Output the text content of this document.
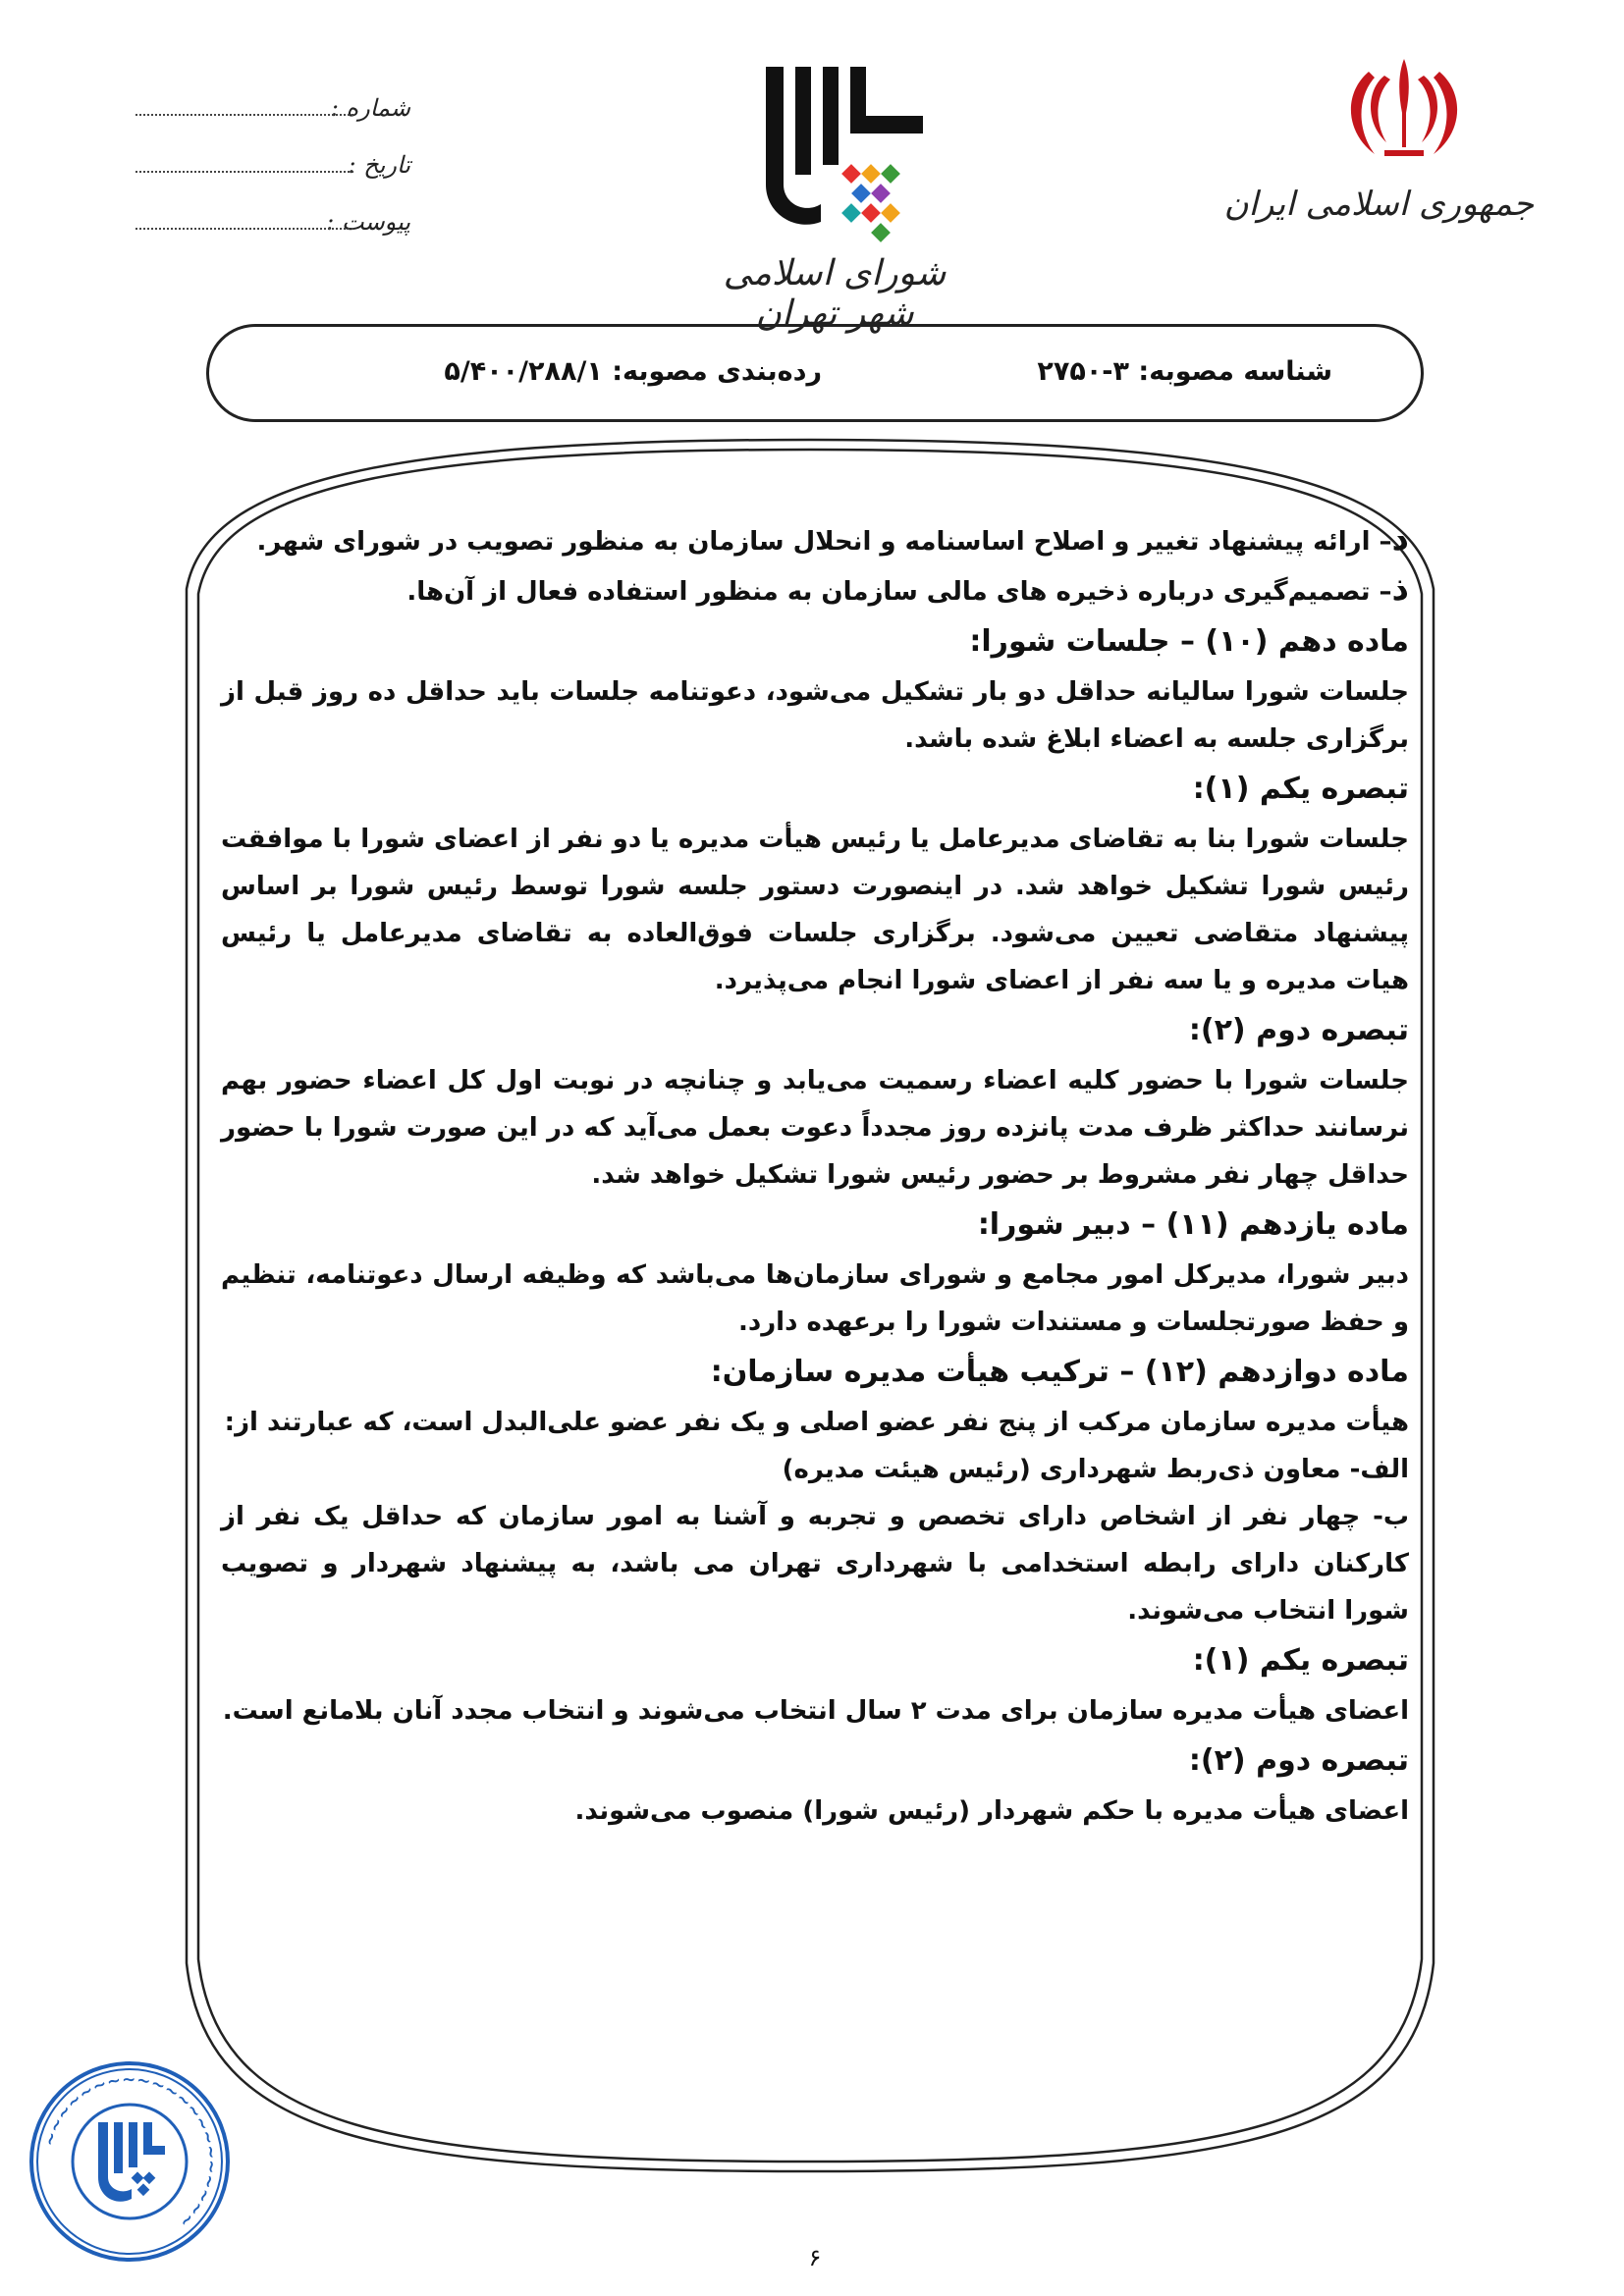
جمهوری اسلامی ایران
شورای اسلامی شهر تهران
شماره :
تاریخ :
پیوست :
شناسه مصوبه: ۳-۲۷۵۰
رده‌بندی مصوبه: ۵/۴۰۰/۲۸۸/۱

د– ارائه پیشنهاد تغییر و اصلاح اساسنامه و انحلال سازمان به منظور تصویب در شورای شهر.

ذ– تصمیم‌گیری درباره ذخیره های مالی سازمان به منظور استفاده فعال از آن‌ها.

ماده دهم (۱۰) – جلسات شورا:

جلسات شورا سالیانه حداقل دو بار تشکیل می‌شود، دعوتنامه جلسات باید حداقل ده روز قبل از برگزاری جلسه به اعضاء ابلاغ شده باشد.

تبصره یکم (۱):

جلسات شورا بنا به تقاضای مدیرعامل یا رئیس هیأت مدیره یا دو نفر از اعضای شورا با موافقت رئیس شورا تشکیل خواهد شد. در اینصورت دستور جلسه شورا توسط رئیس شورا بر اساس پیشنهاد متقاضی تعیین می‌شود. برگزاری جلسات فوق‌العاده به تقاضای مدیرعامل یا رئیس هیات مدیره و یا سه نفر از اعضای شورا انجام می‌پذیرد.

تبصره دوم (۲):

جلسات شورا با حضور کلیه اعضاء رسمیت می‌یابد و چنانچه در نوبت اول کل اعضاء حضور بهم نرسانند حداکثر ظرف مدت پانزده روز مجدداً دعوت بعمل می‌آید که در این صورت شورا با حضور حداقل چهار نفر مشروط بر حضور رئیس شورا تشکیل خواهد شد.

ماده یازدهم (۱۱) – دبیر شورا:

دبیر شورا، مدیرکل امور مجامع و شورای سازمان‌ها می‌باشد که وظیفه ارسال دعوتنامه، تنظیم و حفظ صورتجلسات و مستندات شورا را برعهده دارد.

ماده دوازدهم (۱۲) – ترکیب هیأت مدیره سازمان:

هیأت مدیره سازمان مرکب از پنج نفر عضو اصلی و یک نفر عضو علی‌البدل است، که عبارتند از:

الف- معاون ذی‌ربط شهرداری (رئیس هیئت مدیره)

ب- چهار نفر از اشخاص دارای تخصص و تجربه و آشنا به امور سازمان که حداقل یک نفر از کارکنان دارای رابطه استخدامی با شهرداری تهران می باشد، به پیشنهاد شهردار و تصویب شورا انتخاب می‌شوند.

تبصره یکم (۱):

اعضای هیأت مدیره سازمان برای مدت ۲ سال انتخاب می‌شوند و انتخاب مجدد آنان بلامانع است.

تبصره دوم (۲):

اعضای هیأت مدیره با حکم شهردار (رئیس شورا) منصوب می‌شوند.

~~~~~~~~~~~~~~~~~~~~~
۶
